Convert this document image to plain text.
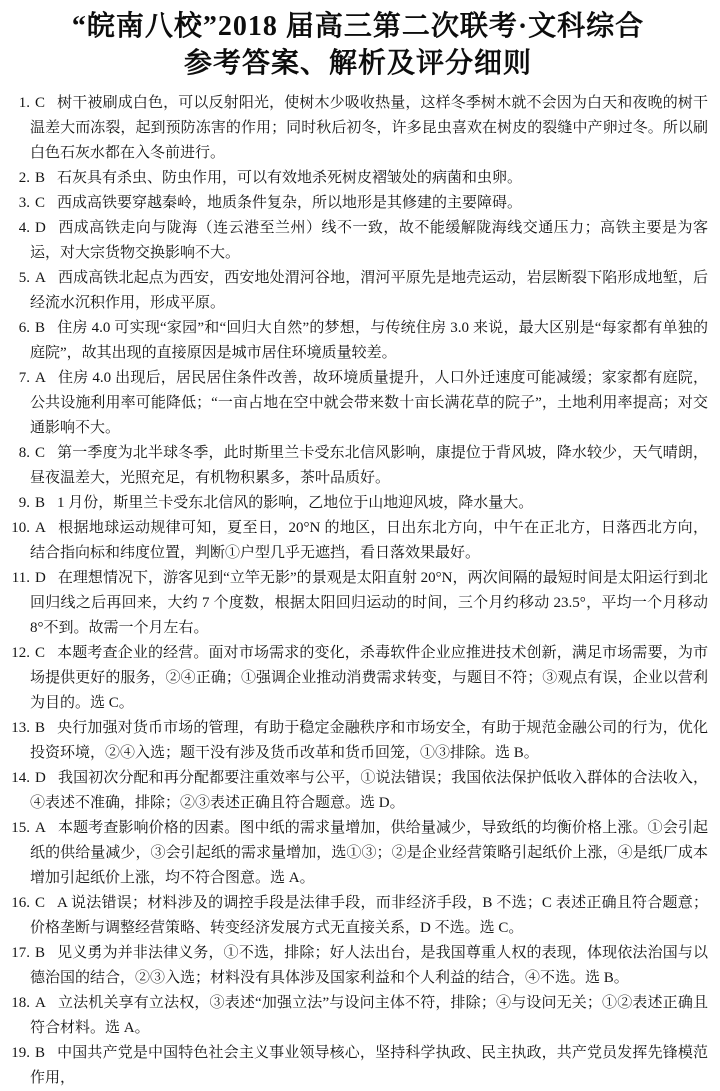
“皖南八校”2018 届高三第二次联考·文科综合
参考答案、解析及评分细则
1. C 树干被刷成白色，可以反射阳光，使树木少吸收热量，这样冬季树木就不会因为白天和夜晚的树干温差大而冻裂，起到预防冻害的作用；同时秋后初冬，许多昆虫喜欢在树皮的裂缝中产卵过冬。所以刷白色石灰水都在入冬前进行。
2. B 石灰具有杀虫、防虫作用，可以有效地杀死树皮褶皱处的病菌和虫卵。
3. C 西成高铁要穿越秦岭，地质条件复杂，所以地形是其修建的主要障碍。
4. D 西成高铁走向与陇海（连云港至兰州）线不一致，故不能缓解陇海线交通压力；高铁主要是为客运，对大宗货物交换影响不大。
5. A 西成高铁北起点为西安，西安地处渭河谷地，渭河平原先是地壳运动，岩层断裂下陷形成地堑，后经流水沉积作用，形成平原。
6. B 住房 4.0 可实现“家园”和“回归大自然”的梦想，与传统住房 3.0 来说，最大区别是“每家都有单独的庭院”，故其出现的直接原因是城市居住环境质量较差。
7. A 住房 4.0 出现后，居民居住条件改善，故环境质量提升，人口外迁速度可能减缓；家家都有庭院，公共设施利用率可能降低；“一亩占地在空中就会带来数十亩长满花草的院子”，土地利用率提高；对交通影响不大。
8. C 第一季度为北半球冬季，此时斯里兰卡受东北信风影响，康提位于背风坡，降水较少，天气晴朗，昼夜温差大，光照充足，有机物积累多，茶叶品质好。
9. B 1 月份，斯里兰卡受东北信风的影响，乙地位于山地迎风坡，降水量大。
10. A 根据地球运动规律可知，夏至日，20°N 的地区，日出东北方向，中午在正北方，日落西北方向，结合指向标和纬度位置，判断①户型几乎无遮挡，看日落效果最好。
11. D 在理想情况下，游客见到“立竿无影”的景观是太阳直射 20°N，两次间隔的最短时间是太阳运行到北回归线之后再回来，大约 7 个度数，根据太阳回归运动的时间，三个月约移动 23.5°，平均一个月移动 8°不到。故需一个月左右。
12. C 本题考查企业的经营。面对市场需求的变化，杀毒软件企业应推进技术创新，满足市场需要，为市场提供更好的服务，②④正确；①强调企业推动消费需求转变，与题目不符；③观点有误，企业以营利为目的。选 C。
13. B 央行加强对货币市场的管理，有助于稳定金融秩序和市场安全，有助于规范金融公司的行为，优化投资环境，②④入选；题干没有涉及货币改革和货币回笼，①③排除。选 B。
14. D 我国初次分配和再分配都要注重效率与公平，①说法错误；我国依法保护低收入群体的合法收入，④表述不准确，排除；②③表述正确且符合题意。选 D。
15. A 本题考查影响价格的因素。图中纸的需求量增加，供给量减少，导致纸的均衡价格上涨。①会引起纸的供给量减少，③会引起纸的需求量增加，选①③；②是企业经营策略引起纸价上涨，④是纸厂成本增加引起纸价上涨，均不符合图意。选 A。
16. C A 说法错误；材料涉及的调控手段是法律手段，而非经济手段，B 不选；C 表述正确且符合题意；价格垄断与调整经营策略、转变经济发展方式无直接关系，D 不选。选 C。
17. B 见义勇为并非法律义务，①不选，排除；好人法出台，是我国尊重人权的表现，体现依法治国与以德治国的结合，②③入选；材料没有具体涉及国家利益和个人利益的结合，④不选。选 B。
18. A 立法机关享有立法权，③表述“加强立法”与设问主体不符，排除；④与设问无关；①②表述正确且符合材料。选 A。
19. B 中国共产党是中国特色社会主义事业领导核心，坚持科学执政、民主执政，共产党员发挥先锋模范作用，
